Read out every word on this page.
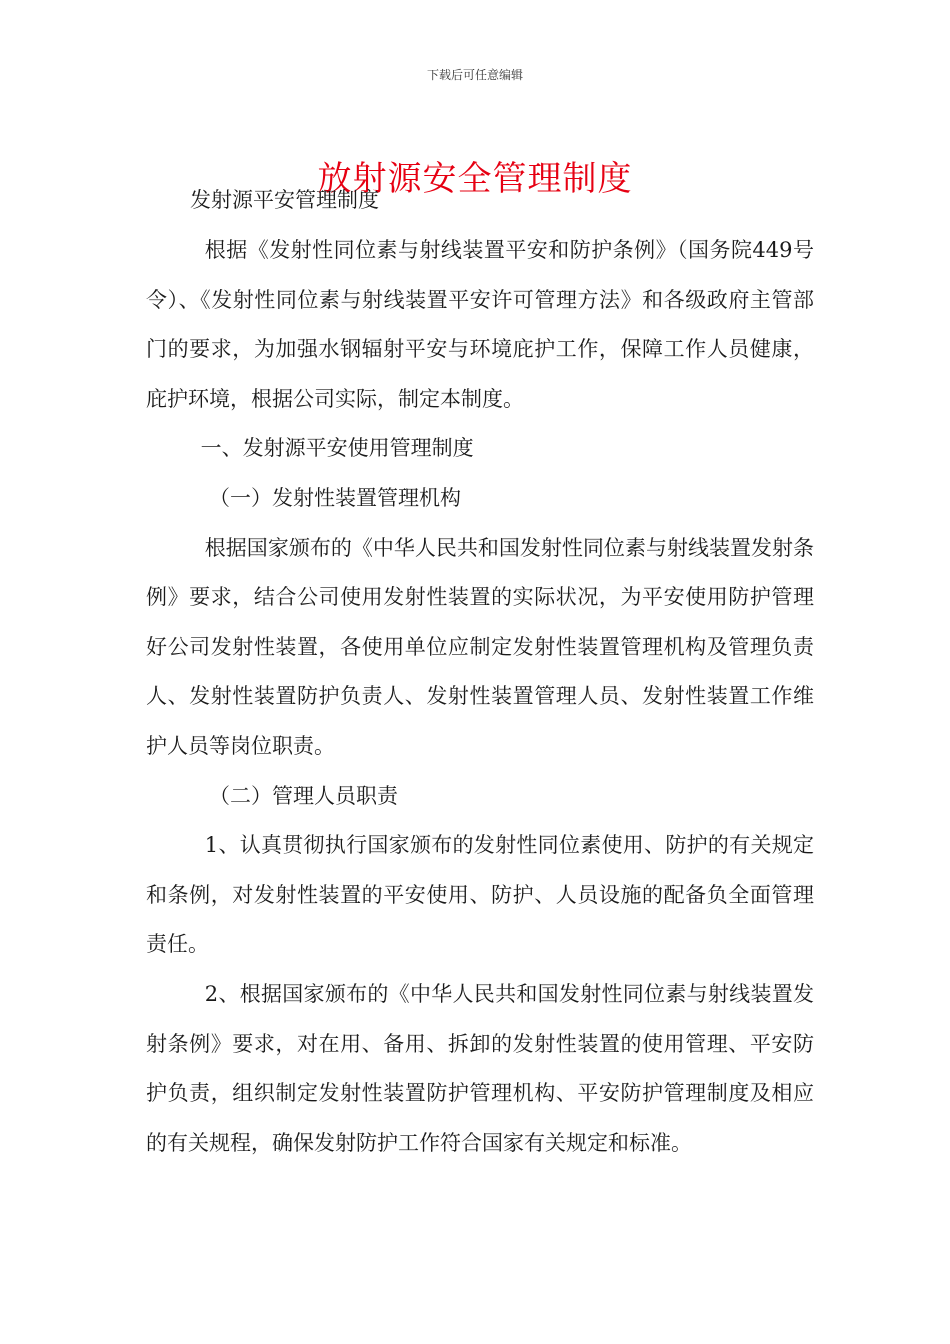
下载后可任意编辑
放射源安全管理制度
发射源平安管理制度

根据《发射性同位素与射线装置平安和防护条例》（国务院449号令）、《发射性同位素与射线装置平安许可管理方法》和各级政府主管部门的要求，为加强水钢辐射平安与环境庇护工作，保障工作人员健康，庇护环境，根据公司实际，制定本制度。

一、发射源平安使用管理制度

（一）发射性装置管理机构

根据国家颁布的《中华人民共和国发射性同位素与射线装置发射条例》要求，结合公司使用发射性装置的实际状况，为平安使用防护管理好公司发射性装置，各使用单位应制定发射性装置管理机构及管理负责人、发射性装置防护负责人、发射性装置管理人员、发射性装置工作维护人员等岗位职责。

（二）管理人员职责

1、认真贯彻执行国家颁布的发射性同位素使用、防护的有关规定和条例，对发射性装置的平安使用、防护、人员设施的配备负全面管理责任。

2、根据国家颁布的《中华人民共和国发射性同位素与射线装置发射条例》要求，对在用、备用、拆卸的发射性装置的使用管理、平安防护负责，组织制定发射性装置防护管理机构、平安防护管理制度及相应的有关规程，确保发射防护工作符合国家有关规定和标准。
